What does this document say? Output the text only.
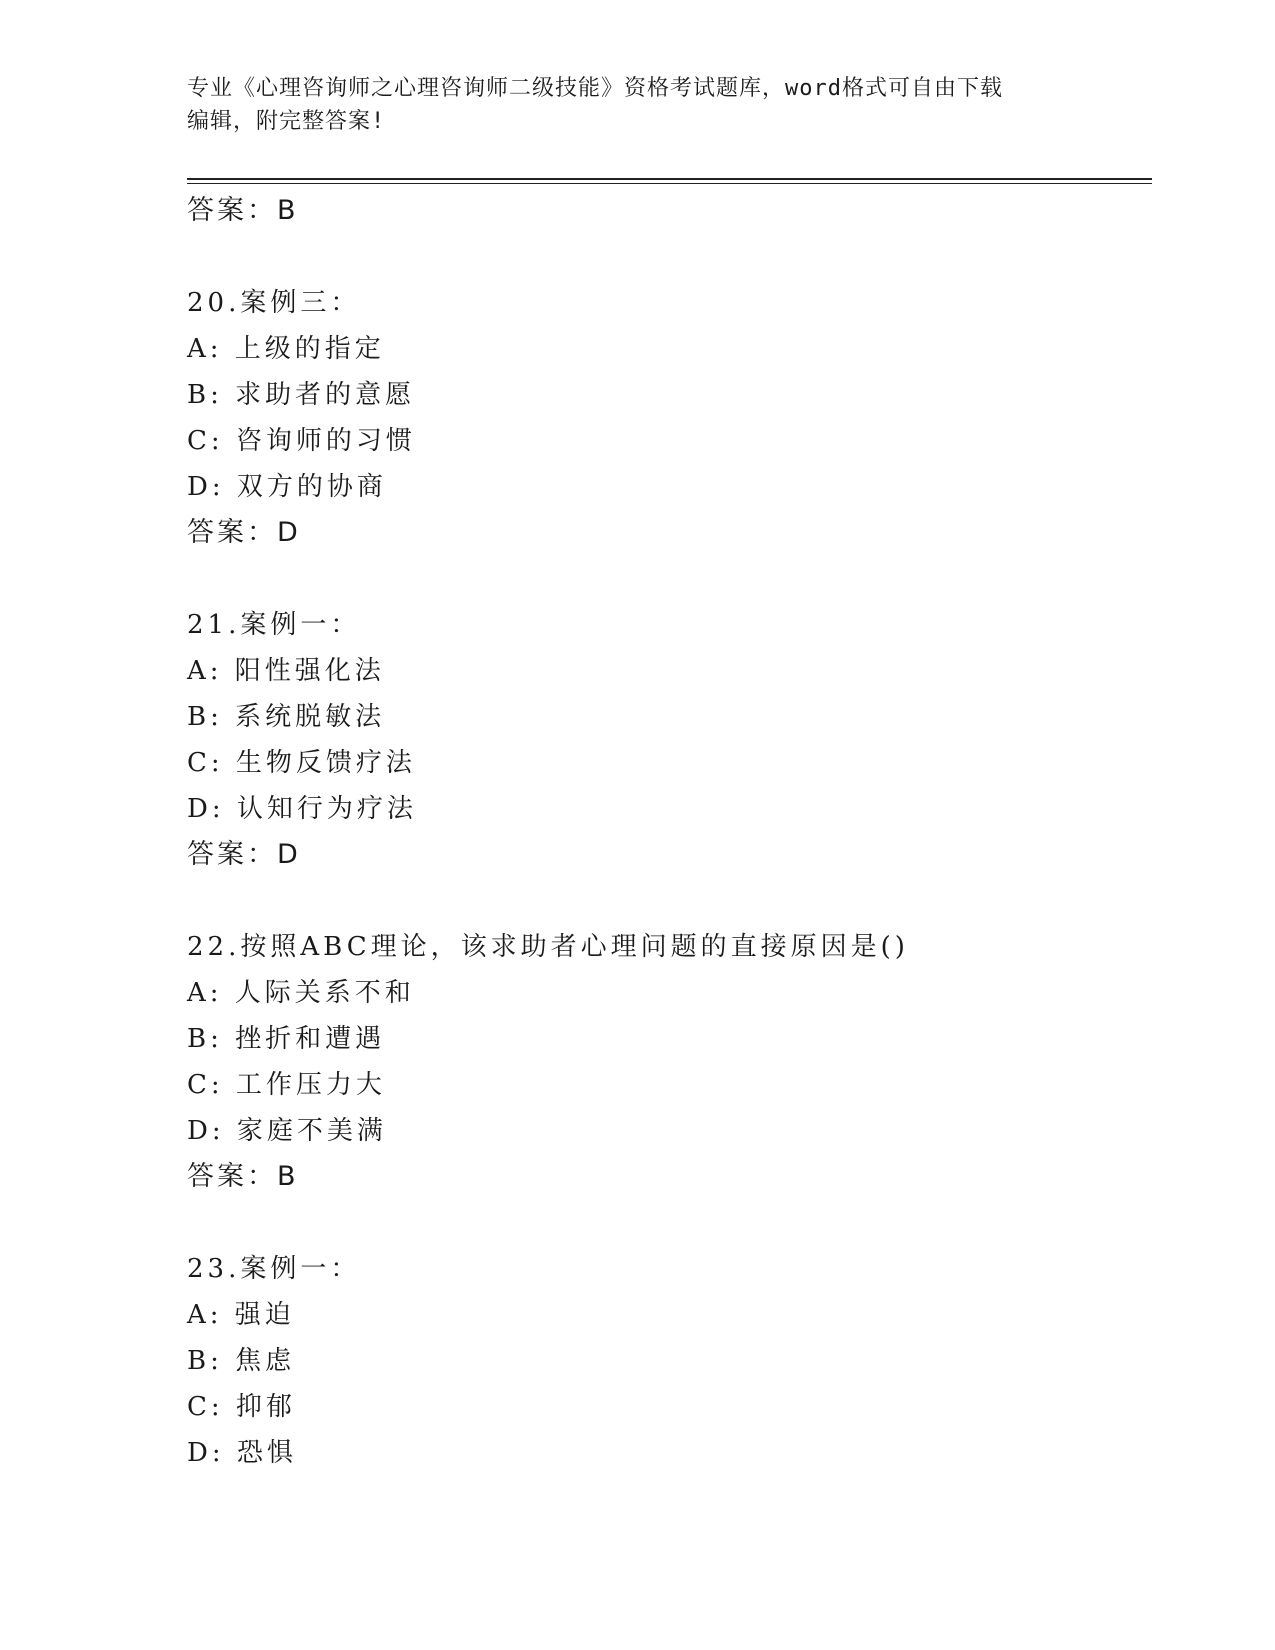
专业《心理咨询师之心理咨询师二级技能》资格考试题库，word格式可自由下载
编辑，附完整答案!
答案：B
20.案例三：
A: 上级的指定
B: 求助者的意愿
C: 咨询师的习惯
D: 双方的协商
答案：D
21.案例一：
A: 阳性强化法
B: 系统脱敏法
C: 生物反馈疗法
D: 认知行为疗法
答案：D
22.按照ABC理论，该求助者心理问题的直接原因是()
A: 人际关系不和
B: 挫折和遭遇
C: 工作压力大
D: 家庭不美满
答案：B
23.案例一：
A: 强迫
B: 焦虑
C: 抑郁
D: 恐惧
